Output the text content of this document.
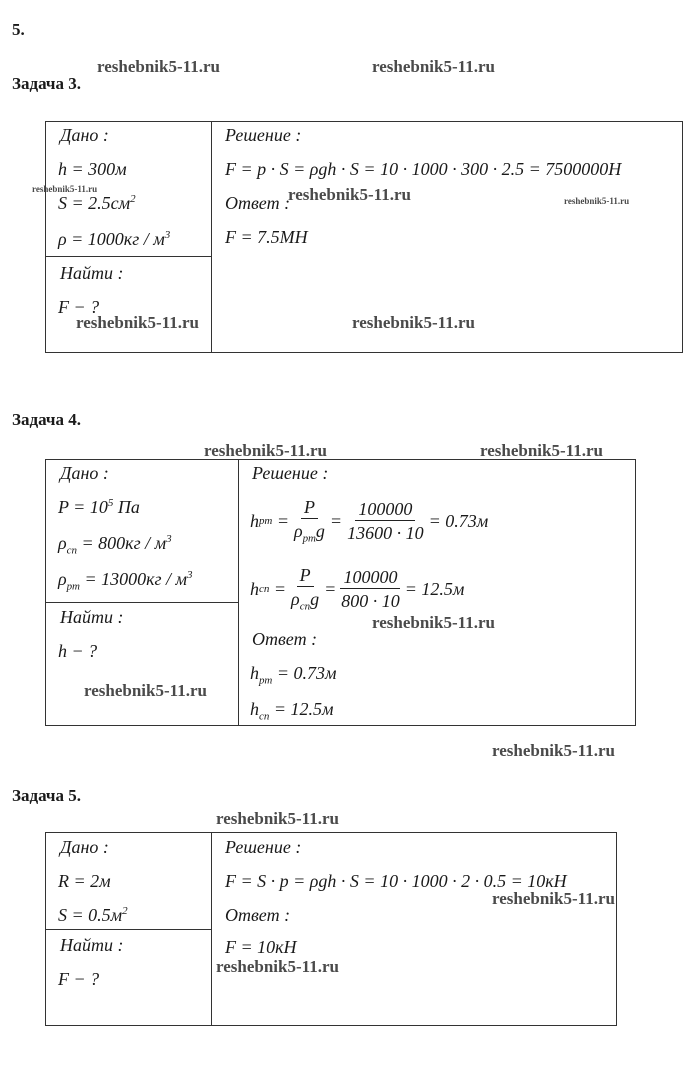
5.
Задача 3.
Дано :
h = 300м
$S = 2.5см^2$
$\rho = 1000кг / м^3$
Найти :
F − ?
Решение :
F = p · S = ρgh · S = 10 · 1000 · 300 · 2.5 = 7500000H
Ответ :
F = 7.5MH
Задача 4.
Дано :
$P = 10^5$ Па
$\rho_{сп} = 800кг / м^3$
$\rho_{рт} = 13000кг / м^3$
Найти :
h − ?
Решение :
h рт = $\frac{P}{\rho_{рт}g} = \frac{100000}{13600 \cdot 10} = 0.73м$
h сп = $\frac{P}{\rho_{сп}g} = \frac{100000}{800 \cdot 10} = 12.5м$
Ответ :
$h_{рт} = 0.73м$
$h_{сп} = 12.5м$
Задача 5.
Дано :
R = 2м
$S = 0.5м^2$
Найти :
F − ?
Решение :
F = S · p = ρgh · S = 10 · 1000 · 2 · 0.5 = 10кН
Ответ :
F = 10кН
reshebnik5-11.ru	reshebnik5-11.ru
reshebnik5-11.ru	reshebnik5-11.ru	reshebnik5-11.ru
reshebnik5-11.ru	reshebnik5-11.ru
reshebnik5-11.ru	reshebnik5-11.ru
reshebnik5-11.ru
reshebnik5-11.ru
reshebnik5-11.ru
reshebnik5-11.ru
reshebnik5-11.ru
reshebnik5-11.ru
